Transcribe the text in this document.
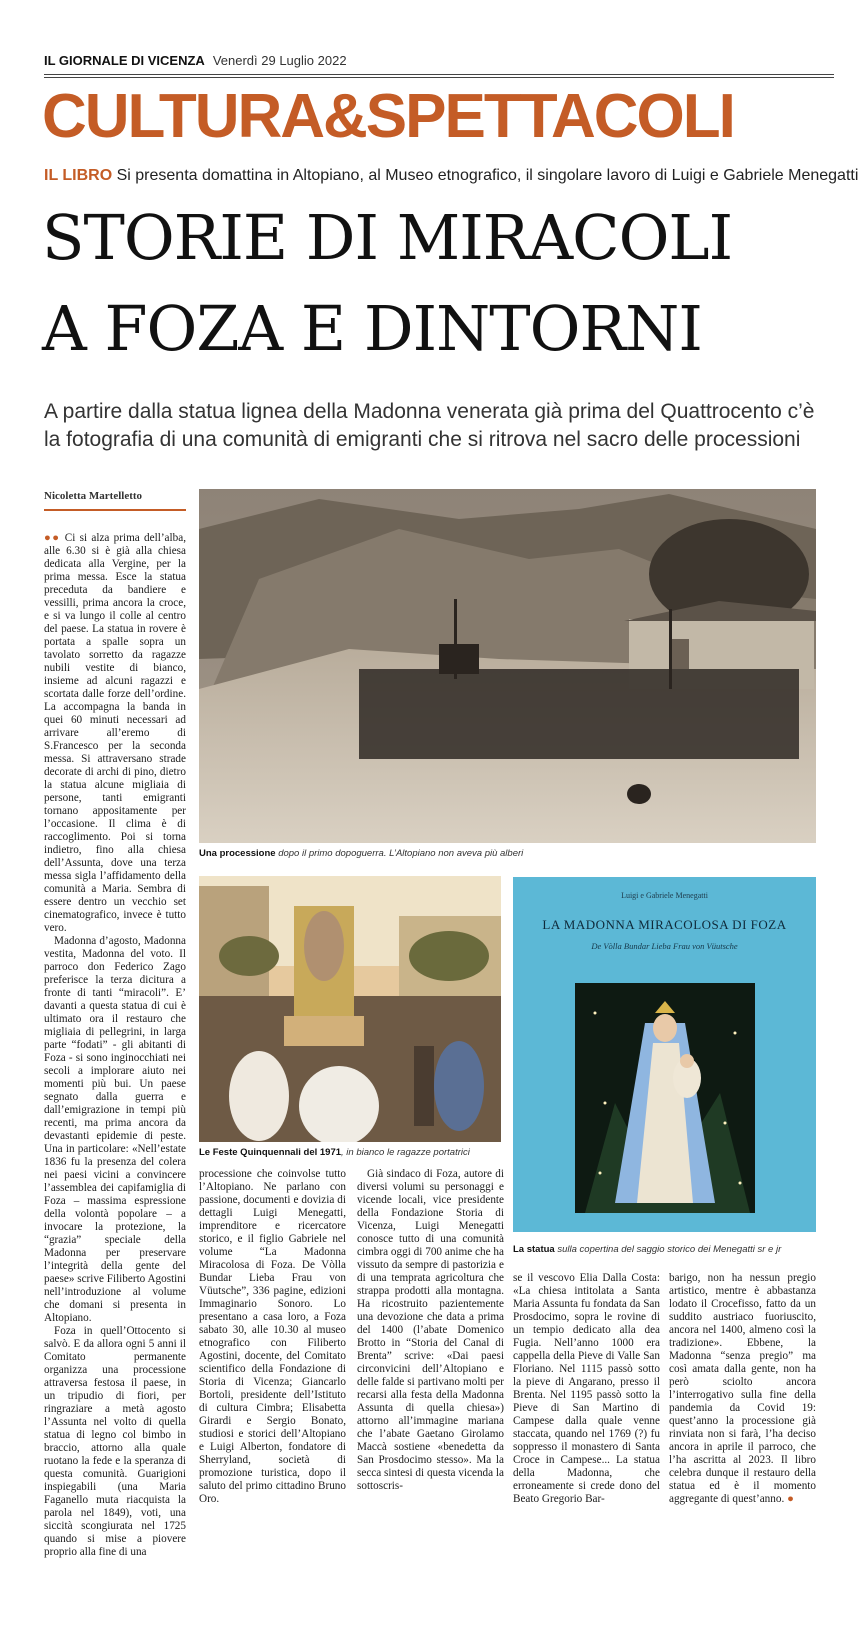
IL GIORNALE DI VICENZA Venerdì 29 Luglio 2022
CULTURA&SPETTACOLI
IL LIBRO Si presenta domattina in Altopiano, al Museo etnografico, il singolare lavoro di Luigi e Gabriele Menegatti
STORIE DI MIRACOLI
A FOZA E DINTORNI
A partire dalla statua lignea della Madonna venerata già prima del Quattrocento c’è la fotografia di una comunità di emigranti che si ritrova nel sacro delle processioni
Nicoletta Martelletto

●● Ci si alza prima dell’alba, alle 6.30 si è già alla chiesa dedicata alla Vergine, per la prima messa. Esce la statua preceduta da bandiere e vessilli, prima ancora la croce, e si va lungo il colle al centro del paese. La statua in rovere è portata a spalle sopra un tavolato sorretto da ragazze nubili vestite di bianco, insieme ad alcuni ragazzi e scortata dalle forze dell’ordine. La accompagna la banda in quei 60 minuti necessari ad arrivare all’eremo di S.Francesco per la seconda messa. Si attraversano strade decorate di archi di pino, dietro la statua alcune migliaia di persone, tanti emigranti tornano appositamente per l’occasione. Il clima è di raccoglimento. Poi si torna indietro, fino alla chiesa dell’Assunta, dove una terza messa sigla l’affidamento della comunità a Maria. Sembra di essere dentro un vecchio set cinematografico, invece è tutto vero.

Madonna d’agosto, Madonna vestita, Madonna del voto. Il parroco don Federico Zago preferisce la terza dicitura a fronte di tanti “miracoli”. E’ davanti a questa statua di cui è ultimato ora il restauro che migliaia di pellegrini, in larga parte “fodati” - gli abitanti di Foza - si sono inginocchiati nei secoli a implorare aiuto nei momenti più bui. Un paese segnato dalla guerra e dall’emigrazione in tempi più recenti, ma prima ancora da devastanti epidemie di peste. Una in particolare: «Nell’estate 1836 fu la presenza del colera nei paesi vicini a convincere l’assemblea dei capifamiglia di Foza – massima espressione della volontà popolare – a invocare la protezione, la “grazia” speciale della Madonna per preservare l’integrità della gente del paese» scrive Filiberto Agostini nell’introduzione al volume che domani si presenta in Altopiano.

Foza in quell’Ottocento si salvò. E da allora ogni 5 anni il Comitato permanente organizza una processione attraversa festosa il paese, in un tripudio di fiori, per ringraziare a metà agosto l’Assunta nel volto di quella statua di legno col bimbo in braccio, attorno alla quale ruotano la fede e la speranza di questa comunità. Guarigioni inspiegabili (una Maria Faganello muta riacquista la parola nel 1849), voti, una siccità scongiurata nel 1725 quando si mise a piovere proprio alla fine di una

Una processione dopo il primo dopoguerra. L’Altopiano non aveva più alberi
Le Feste Quinquennali del 1971, in bianco le ragazze portatrici
Luigi e Gabriele Menegatti
LA MADONNA MIRACOLOSA DI FOZA
De Vòlla Bundar Lieba Frau von Vüutsche
La statua sulla copertina del saggio storico dei Menegatti sr e jr

processione che coinvolse tutto l’Altopiano. Ne parlano con passione, documenti e dovizia di dettagli Luigi Menegatti, imprenditore e ricercatore storico, e il figlio Gabriele nel volume “La Madonna Miracolosa di Foza. De Vòlla Bundar Lieba Frau von Vüutsche”, 336 pagine, edizioni Immaginario Sonoro. Lo presentano a casa loro, a Foza sabato 30, alle 10.30 al museo etnografico con Filiberto Agostini, docente, del Comitato scientifico della Fondazione di Storia di Vicenza; Giancarlo Bortoli, presidente dell’Istituto di cultura Cimbra; Elisabetta Girardi e Sergio Bonato, studiosi e storici dell’Altopiano e Luigi Alberton, fondatore di Sherryland, società di promozione turistica, dopo il saluto del primo cittadino Bruno Oro.

Già sindaco di Foza, autore di diversi volumi su personaggi e vicende locali, vice presidente della Fondazione Storia di Vicenza, Luigi Menegatti conosce tutto di una comunità cimbra oggi di 700 anime che ha vissuto da sempre di pastorizia e di una temprata agricoltura che strappa prodotti alla montagna. Ha ricostruito pazientemente una devozione che data a prima del 1400 (l’abate Domenico Brotto in “Storia del Canal di Brenta” scrive: «Dai paesi circonvicini dell’Altopiano e delle falde si partivano molti per recarsi alla festa della Madonna Assunta di quella chiesa») attorno all’immagine mariana che l’abate Gaetano Girolamo Maccà sostiene «benedetta da San Prosdocimo stesso». Ma la secca sintesi di questa vicenda la sottoscris-

se il vescovo Elia Dalla Costa: «La chiesa intitolata a Santa Maria Assunta fu fondata da San Prosdocimo, sopra le rovine di un tempio dedicato alla dea Fugia. Nell’anno 1000 era cappella della Pieve di Valle San Floriano. Nel 1115 passò sotto la pieve di Angarano, presso il Brenta. Nel 1195 passò sotto la Pieve di San Martino di Campese dalla quale venne staccata, quando nel 1769 (?) fu soppresso il monastero di Santa Croce in Campese... La statua della Madonna, che erroneamente si crede dono del Beato Gregorio Bar-

barigo, non ha nessun pregio artistico, mentre è abbastanza lodato il Crocefisso, fatto da un suddito austriaco fuoriuscito, ancora nel 1400, almeno così la tradizione». Ebbene, la Madonna “senza pregio” ma così amata dalla gente, non ha però sciolto ancora l’interrogativo sulla fine della pandemia da Covid 19: quest’anno la processione già rinviata non si farà, l’ha deciso ancora in aprile il parroco, che l’ha ascritta al 2023. Il libro celebra dunque il restauro della statua ed è il momento aggregante di quest’anno. ●
